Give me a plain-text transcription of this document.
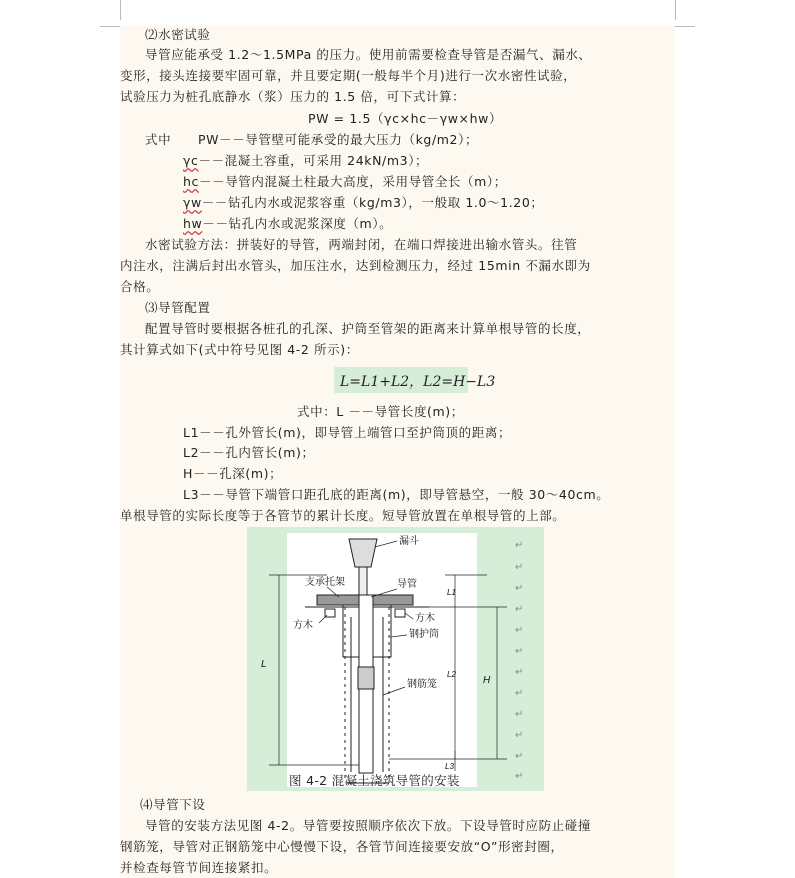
⑵水密试验
导管应能承受 1.2～1.5MPa 的压力。使用前需要检查导管是否漏气、漏水、
变形，接头连接要牢固可靠，并且要定期(一般每半个月)进行一次水密性试验，
试验压力为桩孔底静水（浆）压力的 1.5 倍，可下式计算：
PW = 1.5（γc×hc－γw×hw）
式中 PW－－导管壁可能承受的最大压力（kg/m2）；
γc－－混凝土容重，可采用 24kN/m3）；
hc－－导管内混凝土柱最大高度，采用导管全长（m）；
γw－－钻孔内水或泥浆容重（kg/m3），一般取 1.0～1.20；
hw－－钻孔内水或泥浆深度（m）。
水密试验方法：拼装好的导管，两端封闭，在端口焊接进出输水管头。往管
内注水，注满后封出水管头，加压注水，达到检测压力，经过 15min 不漏水即为
合格。
⑶导管配置
配置导管时要根据各桩孔的孔深、护筒至管架的距离来计算单根导管的长度，
其计算式如下(式中符号见图 4-2 所示)：
L=L1+L2，L2=H−L3
式中：L －－导管长度(m)；
L1－－孔外管长(m)，即导管上端管口至护筒顶的距离；
L2－－孔内管长(m)；
H－－孔深(m)；
L3－－导管下端管口距孔底的距离(m)，即导管悬空，一般 30～40cm。
单根导管的实际长度等于各管节的累计长度。短导管放置在单根导管的上部。
漏斗
支承托架	导管
方木
方木
钢护筒
钢筋笼
L
L1
L2
H
L3
图 4-2 混凝土浇筑导管的安装
↵
↵
↵
↵
↵
↵
↵
↵
↵
↵
↵
↵
⑷导管下设
导管的安装方法见图 4-2。导管要按照顺序依次下放。下设导管时应防止碰撞
钢筋笼，导管对正钢筋笼中心慢慢下设，各管节间连接要安放“O”形密封圈，
并检查每管节间连接紧扣。
